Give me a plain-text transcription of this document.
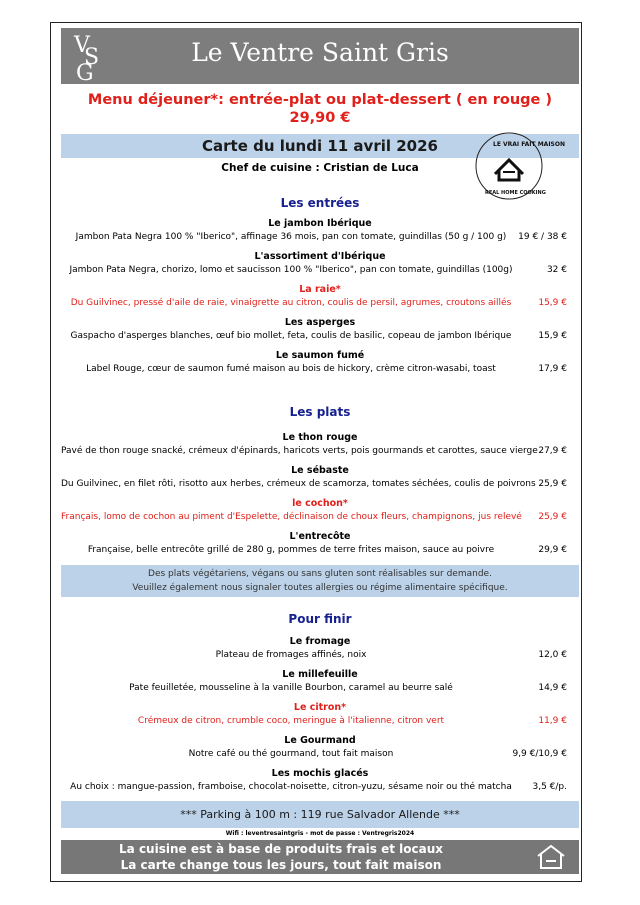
Le Ventre Saint Gris
V
S
G
Menu déjeuner*: entrée-plat ou plat-dessert ( en rouge )
29,90 €
Carte du lundi 11 avril 2026
Chef de cuisine : Cristian de Luca
LE VRAI FAIT MAISON
REAL HOME COOKING
Les entrées
Le jambon Ibérique
Jambon Pata Negra 100 % "Iberico", affinage 36 mois, pan con tomate, guindillas (50 g / 100 g)	19 € / 38 €
L'assortiment d'Ibérique
Jambon Pata Negra, chorizo, lomo et saucisson 100 % "Iberico", pan con tomate, guindillas (100g)	32 €
La raie*
Du Guilvinec, pressé d'aile de raie, vinaigrette au citron, coulis de persil, agrumes, croutons aillés	15,9 €
Les asperges
Gaspacho d'asperges blanches, œuf bio mollet, feta, coulis de basilic, copeau de jambon Ibérique	15,9 €
Le saumon fumé
Label Rouge, cœur de saumon fumé maison au bois de hickory, crème citron-wasabi, toast	17,9 €
Les plats
Le thon rouge
Pavé de thon rouge snacké, crémeux d'épinards, haricots verts, pois gourmands et carottes, sauce vierge 27,9 €
Le sébaste
Du Guilvinec, en filet rôti, risotto aux herbes, crémeux de scamorza, tomates séchées, coulis de poivrons 25,9 €
le cochon*
Français, lomo de cochon au piment d'Espelette, déclinaison de choux fleurs, champignons, jus relevé 25,9 €
L'entrecôte
Française, belle entrecôte grillé de 280 g, pommes de terre frites maison, sauce au poivre	29,9 €
Des plats végétariens, végans ou sans gluten sont réalisables sur demande.
Veuillez également nous signaler toutes allergies ou régime alimentaire spécifique.
Pour finir
Le fromage
Plateau de fromages affinés, noix	12,0 €
Le millefeuille
Pate feuilletée, mousseline à la vanille Bourbon, caramel au beurre salé	14,9 €
Le citron*
Crémeux de citron, crumble coco, meringue à l'italienne, citron vert	11,9 €
Le Gourmand
Notre café ou thé gourmand, tout fait maison	9,9 €/10,9 €
Les mochis glacés
Au choix : mangue-passion, framboise, chocolat-noisette, citron-yuzu, sésame noir ou thé matcha	3,5 €/p.
*** Parking à 100 m : 119 rue Salvador Allende ***
Wifi : leventresaintgris - mot de passe : Ventregris2024
La cuisine est à base de produits frais et locaux
La carte change tous les jours, tout fait maison
